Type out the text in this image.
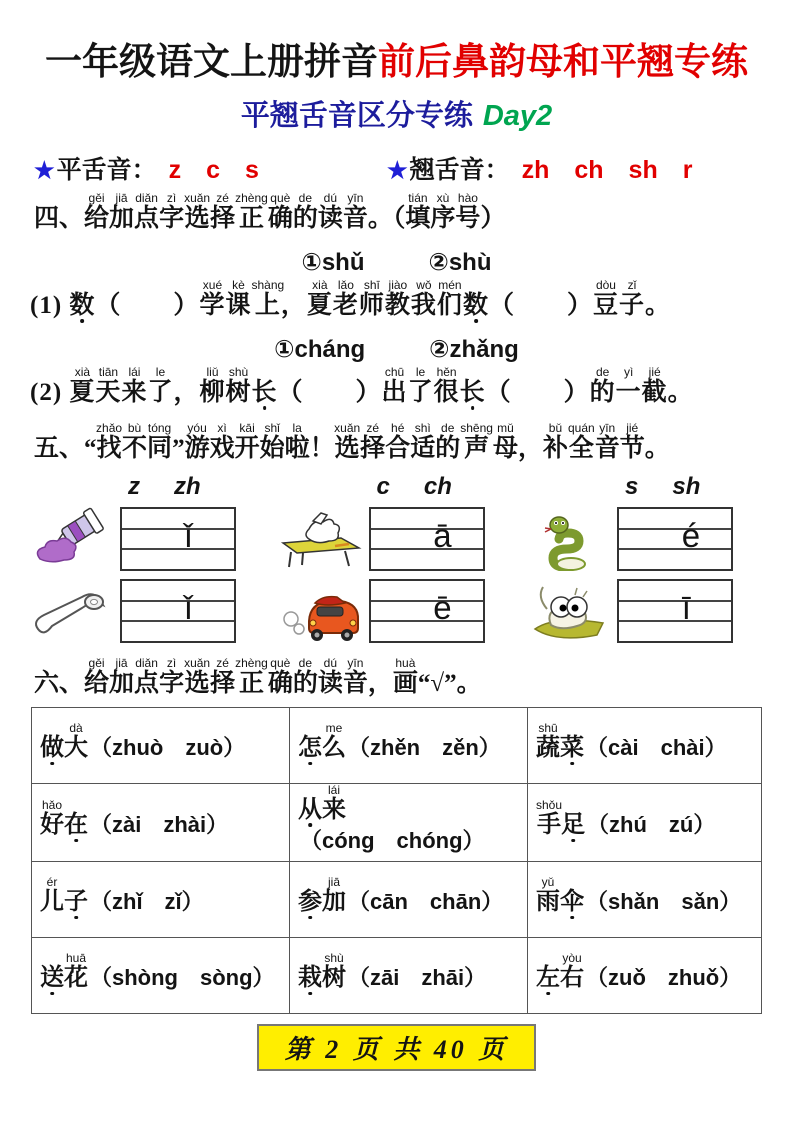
一年级语文上册拼音前后鼻韵母和平翘专练
平翘舌音区分专练 Day2
★平舌音： z　c　s	★ 翘舌音： zh　ch　sh　r
四、给gěi加jiā点diǎn字zì选xuǎn择zé正zhèng确què的de读dú音yīn。（填tián序xù号hào）
①shǔ	②shù
(1) 数（　　）学xué课kè上shàng，夏xià老lǎo师shī教jiào我wǒ们mén数（　　）豆dòu子zǐ。
①cháng	②zhǎng
(2) 夏xià天tiān来lái了le，柳liǔ树shù长（　　）出chū了le很hěn长（　　）的de一yì截jié。
五、“找zhǎo不bù同tóng”游yóu戏xì开kāi始shǐ啦la！选xuǎn择zé合hé适shì的de声shēng母mǔ，补bǔ全quán音yīn节jié。
z zh
ǐ
ǐ
c ch
ā
ē
s sh
é
ī
六、给gěi加jiā点diǎn字zì选xuǎn择zé正zhèng确què的de读dú音yīn，画huà“√”。
做大dà（zhuò　zuò）	怎么me（zhěn　zěn）	蔬shū菜（cài　chài）
好hǎo在（zài　zhài）	从来lái（cóng　chóng）	手shǒu足（zhú　zú）
儿ér子（zhǐ　zǐ）	参加jiā（cān　chān）	雨yǔ伞（shǎn　sǎn）
送花huā（shòng　sòng）	栽树shù（zāi　zhāi）	左右yòu（zuǒ　zhuǒ）
第 2 页 共 40 页
